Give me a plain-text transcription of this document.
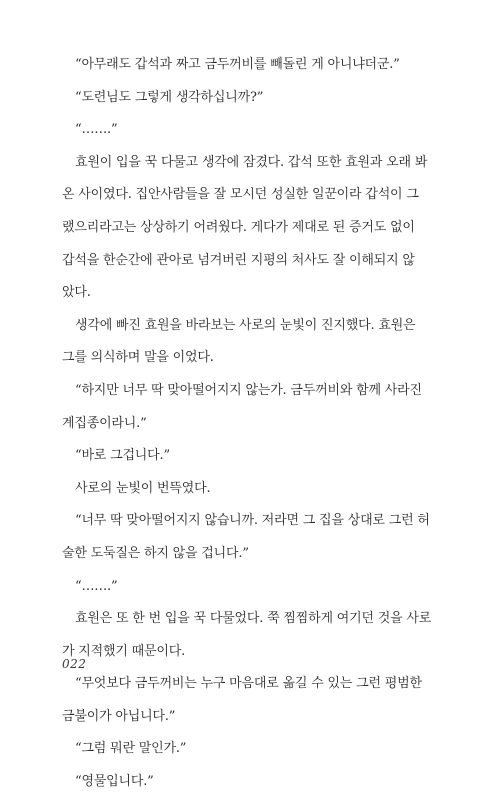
“아무래도 갑석과 짜고 금두꺼비를 빼돌린 게 아니냐더군.”
“도련님도 그렇게 생각하십니까?”
“…….”
효원이 입을 꾹 다물고 생각에 잠겼다. 갑석 또한 효원과 오래 봐
온 사이였다. 집안사람들을 잘 모시던 성실한 일꾼이라 갑석이 그
랬으리라고는 상상하기 어려웠다. 게다가 제대로 된 증거도 없이
갑석을 한순간에 관아로 넘겨버린 지평의 처사도 잘 이해되지 않
았다.
생각에 빠진 효원을 바라보는 사로의 눈빛이 진지했다. 효원은
그를 의식하며 말을 이었다.
“하지만 너무 딱 맞아떨어지지 않는가. 금두꺼비와 함께 사라진
계집종이라니.”
“바로 그겁니다.”
사로의 눈빛이 번뜩였다.
“너무 딱 맞아떨어지지 않습니까. 저라면 그 집을 상대로 그런 허
술한 도둑질은 하지 않을 겁니다.”
“…….”
효원은 또 한 번 입을 꾹 다물었다. 쭉 찜찜하게 여기던 것을 사로
가 지적했기 때문이다.
“무엇보다 금두꺼비는 누구 마음대로 옮길 수 있는 그런 평범한
금불이가 아닙니다.”
“그럼 뭐란 말인가.”
“영물입니다.”
022
